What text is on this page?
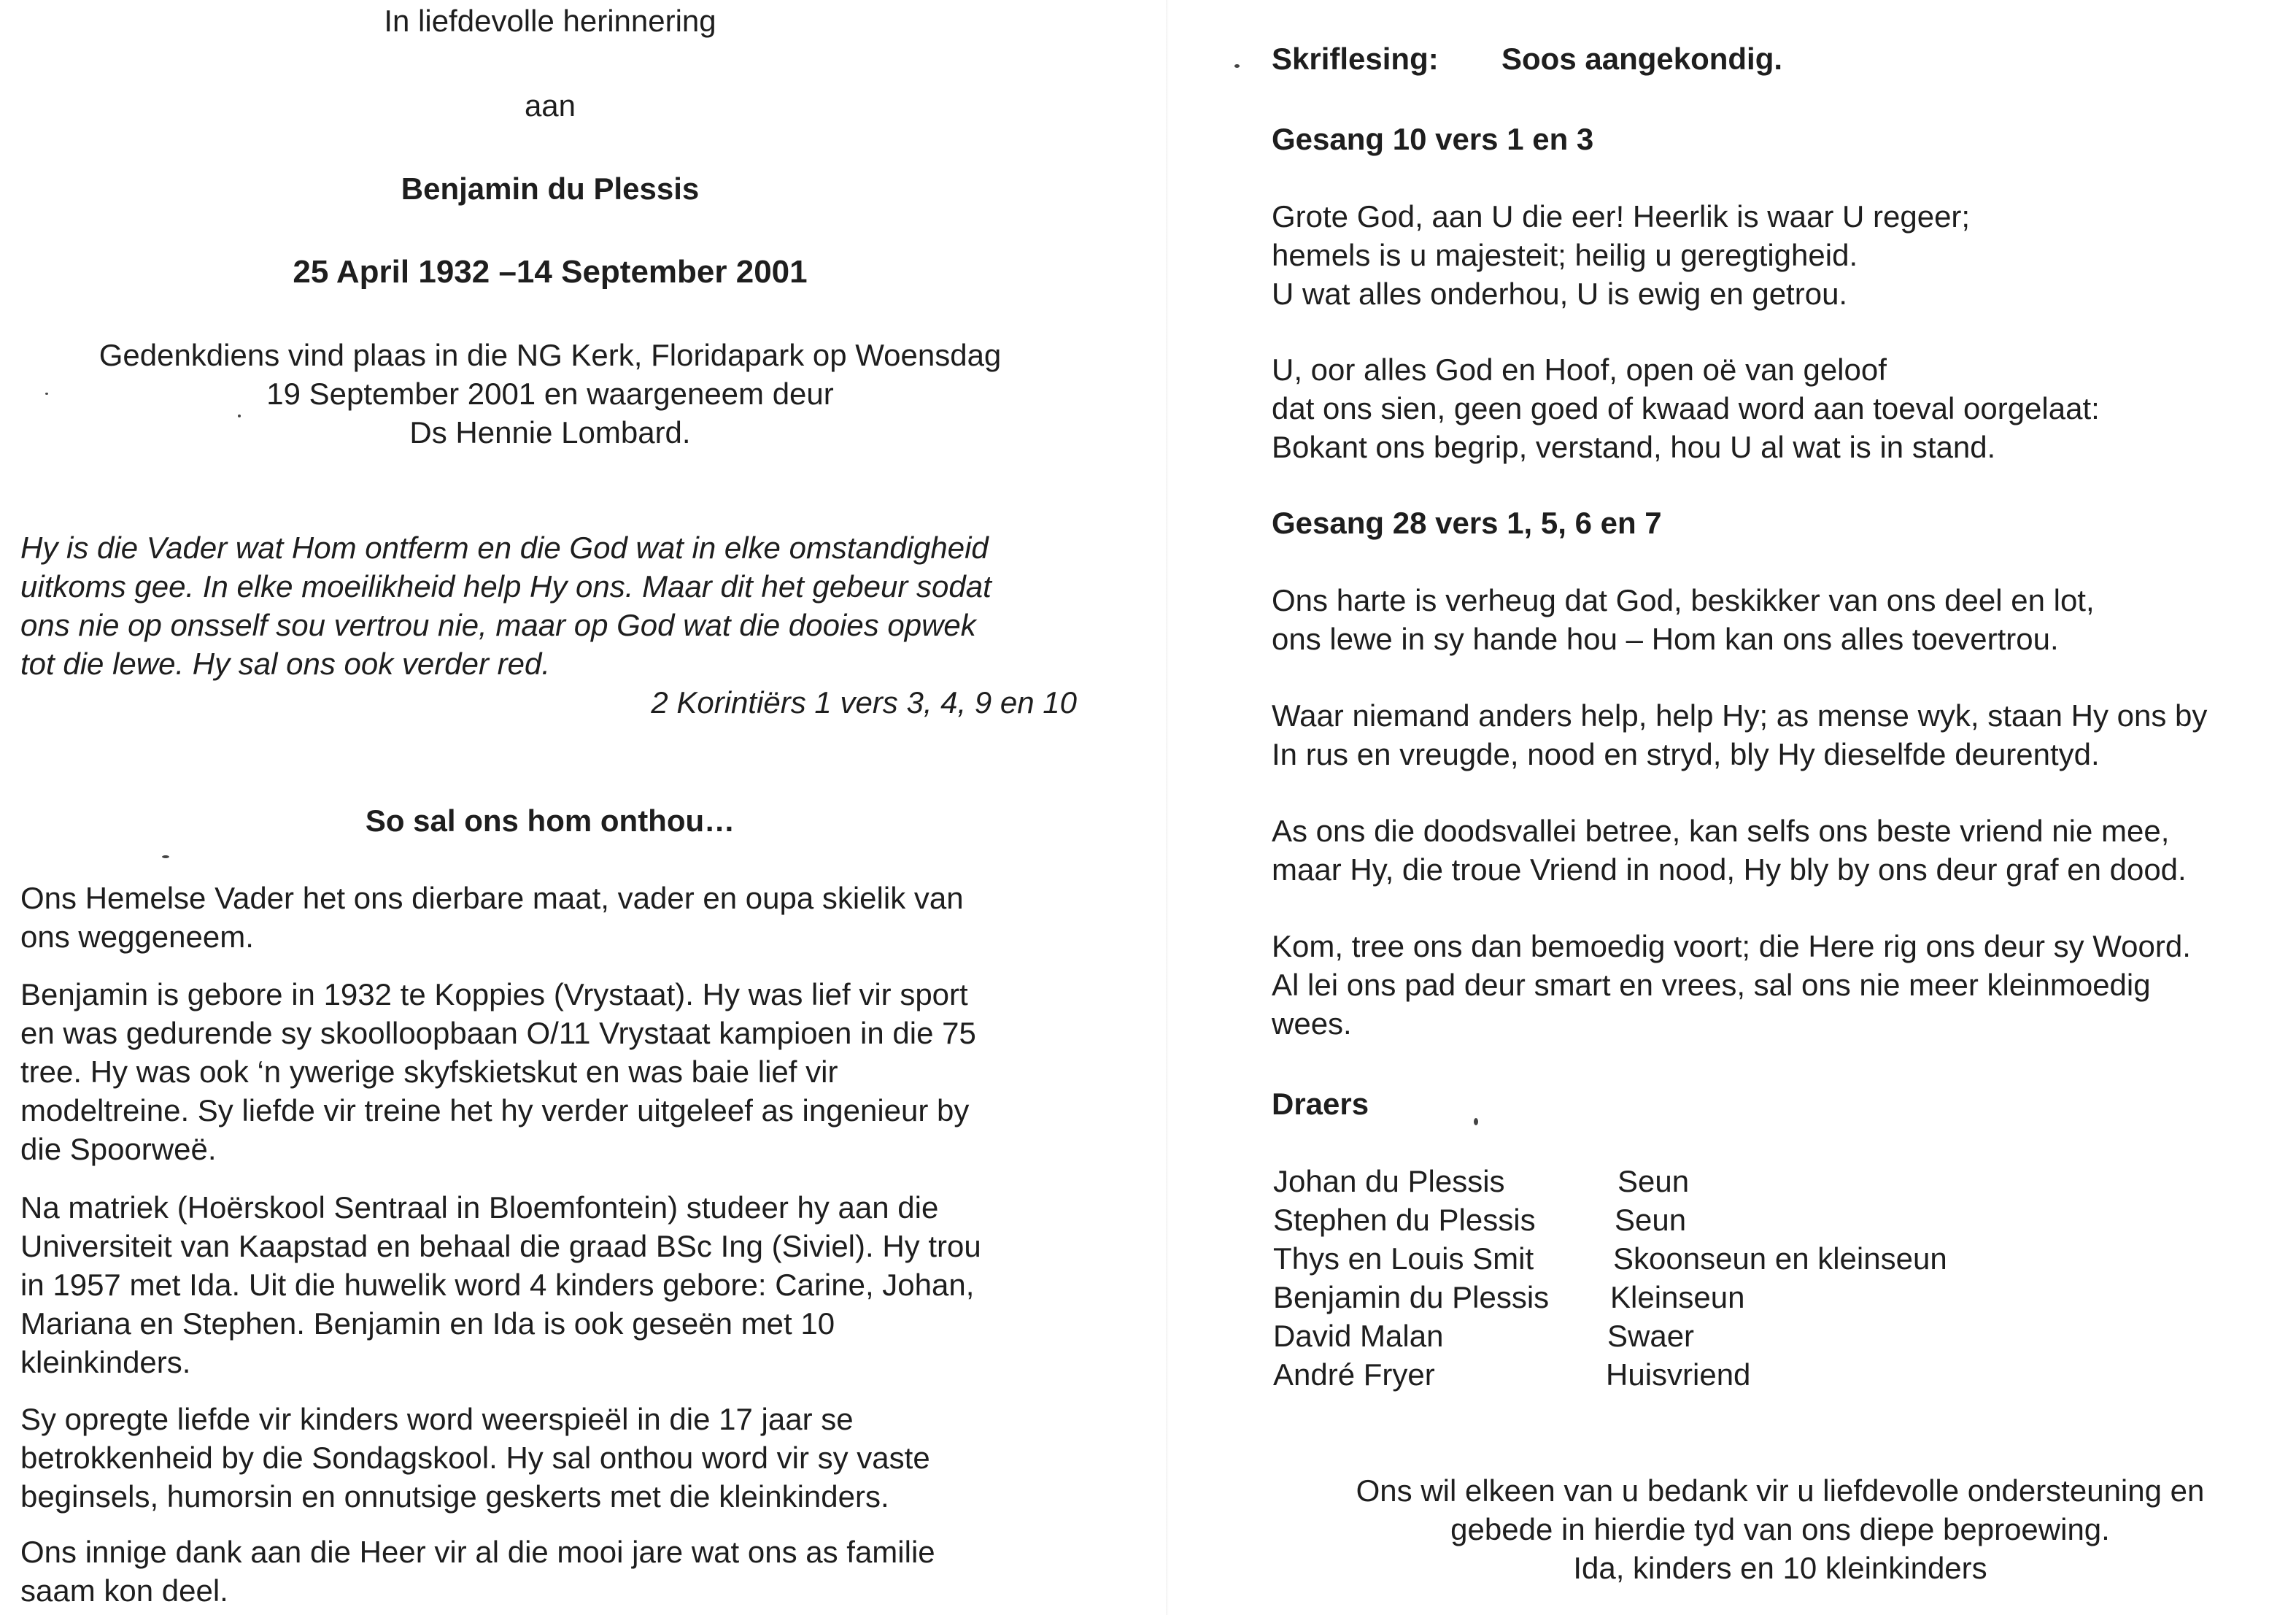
In liefdevolle herinnering
aan
Benjamin du Plessis
25 April 1932 –14 September 2001
Gedenkdiens vind plaas in die NG Kerk, Floridapark op Woensdag
19 September 2001 en waargeneem deur
Ds Hennie Lombard.
Hy is die Vader wat Hom ontferm en die God wat in elke omstandigheid
uitkoms gee. In elke moeilikheid help Hy ons. Maar dit het gebeur sodat
ons nie op onsself sou vertrou nie, maar op God wat die dooies opwek
tot die lewe. Hy sal ons ook verder red.
2 Korintiërs 1 vers 3, 4, 9 en 10
So sal ons hom onthou…
Ons Hemelse Vader het ons dierbare maat, vader en oupa skielik van
ons weggeneem.
Benjamin is gebore in 1932 te Koppies (Vrystaat). Hy was lief vir sport
en was gedurende sy skoolloopbaan O/11 Vrystaat kampioen in die 75
tree. Hy was ook ‘n ywerige skyfskietskut en was baie lief vir
modeltreine. Sy liefde vir treine het hy verder uitgeleef as ingenieur by
die Spoorweë.
Na matriek (Hoërskool Sentraal in Bloemfontein) studeer hy aan die
Universiteit van Kaapstad en behaal die graad BSc Ing (Siviel). Hy trou
in 1957 met Ida. Uit die huwelik word 4 kinders gebore: Carine, Johan,
Mariana en Stephen. Benjamin en Ida is ook geseën met 10
kleinkinders.
Sy opregte liefde vir kinders word weerspieël in die 17 jaar se
betrokkenheid by die Sondagskool. Hy sal onthou word vir sy vaste
beginsels, humorsin en onnutsige geskerts met die kleinkinders.
Ons innige dank aan die Heer vir al die mooi jare wat ons as familie
saam kon deel.
Skriflesing: Soos aangekondig.
Gesang 10 vers 1 en 3
Grote God, aan U die eer! Heerlik is waar U regeer;
hemels is u majesteit; heilig u geregtigheid.
U wat alles onderhou, U is ewig en getrou.
U, oor alles God en Hoof, open oë van geloof
dat ons sien, geen goed of kwaad word aan toeval oorgelaat:
Bokant ons begrip, verstand, hou U al wat is in stand.
Gesang 28 vers 1, 5, 6 en 7
Ons harte is verheug dat God, beskikker van ons deel en lot,
ons lewe in sy hande hou – Hom kan ons alles toevertrou.
Waar niemand anders help, help Hy; as mense wyk, staan Hy ons by
In rus en vreugde, nood en stryd, bly Hy dieselfde deurentyd.
As ons die doodsvallei betree, kan selfs ons beste vriend nie mee,
maar Hy, die troue Vriend in nood, Hy bly by ons deur graf en dood.
Kom, tree ons dan bemoedig voort; die Here rig ons deur sy Woord.
Al lei ons pad deur smart en vrees, sal ons nie meer kleinmoedig
wees.
Draers
Johan du Plessis	Seun
Stephen du Plessis	Seun
Thys en Louis Smit	Skoonseun en kleinseun
Benjamin du Plessis Kleinseun
David Malan	Swaer
André Fryer	Huisvriend
Ons wil elkeen van u bedank vir u liefdevolle ondersteuning en
gebede in hierdie tyd van ons diepe beproewing.
Ida, kinders en 10 kleinkinders
